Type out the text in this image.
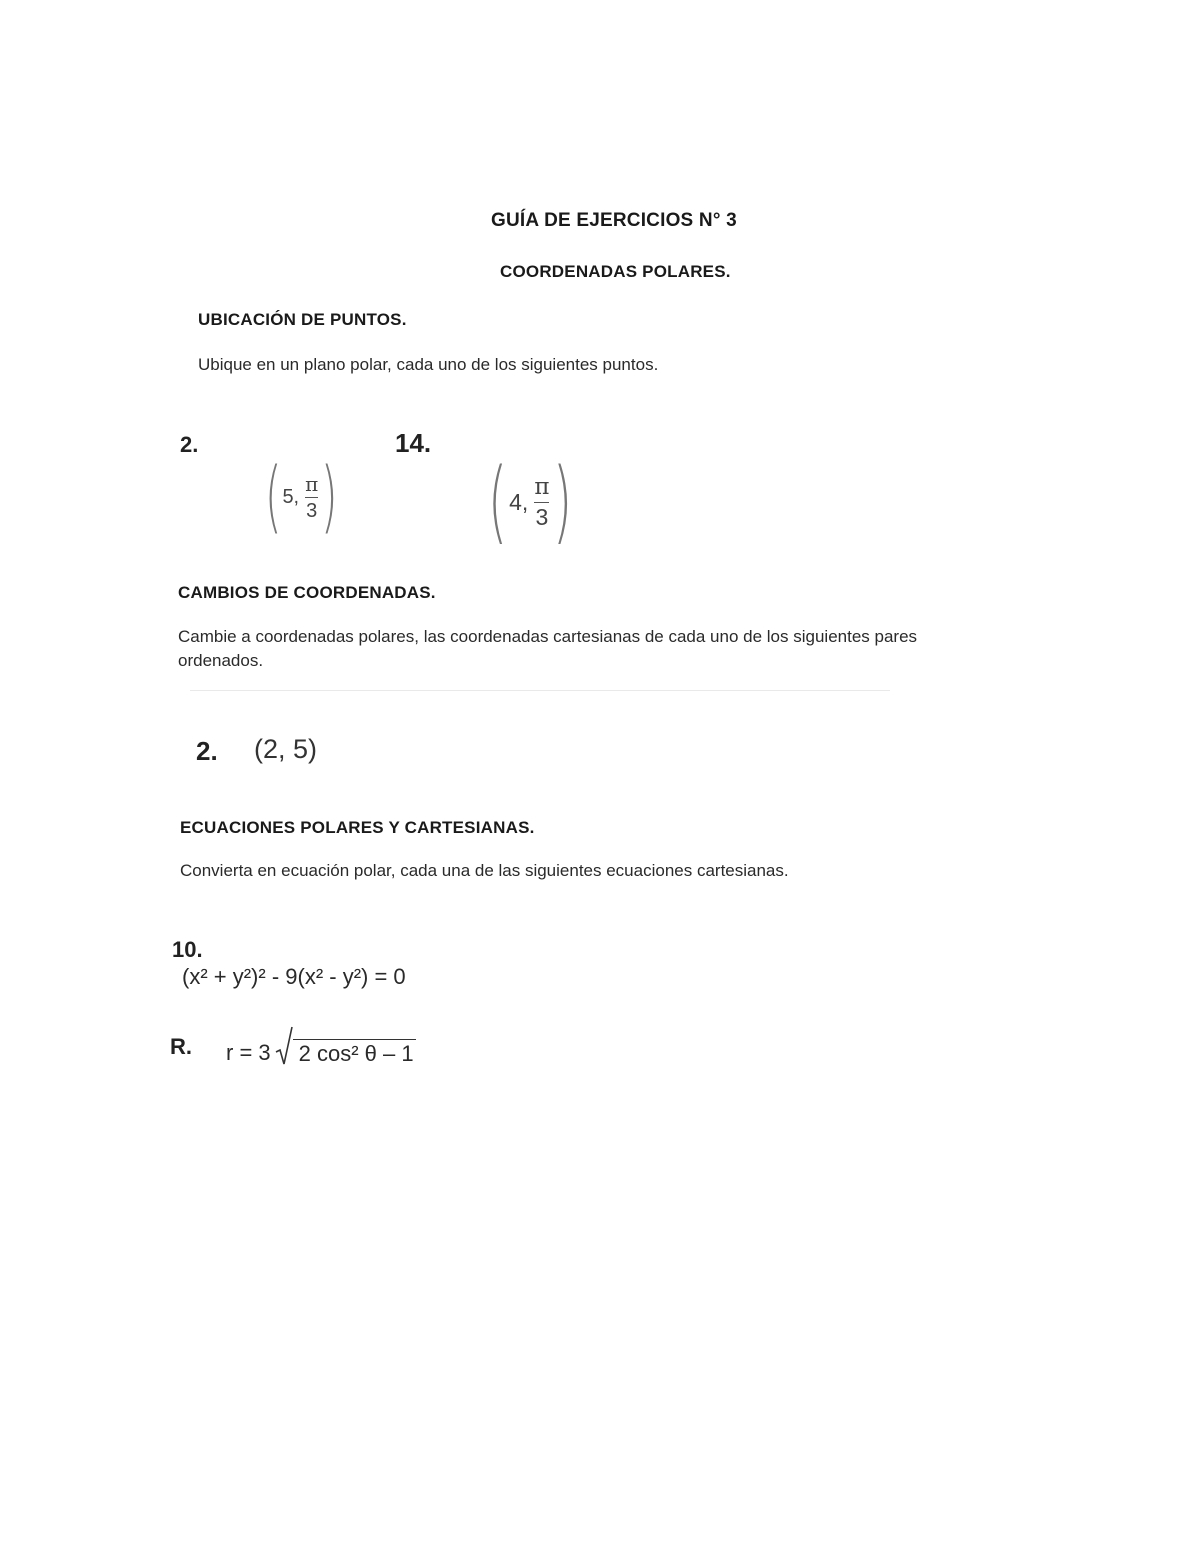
GUÍA DE EJERCICIOS N° 3
COORDENADAS POLARES.
UBICACIÓN DE PUNTOS.
Ubique en un plano polar, cada uno de los siguientes puntos.
2.
( 5, $\frac{\pi}{3}$ )
14.
( 4, $\frac{\pi}{3}$ )
CAMBIOS DE COORDENADAS.
Cambie a coordenadas polares, las coordenadas cartesianas de cada uno de los siguientes pares
ordenados.
2. (2, 5)
ECUACIONES POLARES Y CARTESIANAS.
Convierta en ecuación polar, cada una de las siguientes ecuaciones cartesianas.
10.
(x² + y²)² - 9(x² - y²) = 0
R. r = 3 2 cos² θ – 1
